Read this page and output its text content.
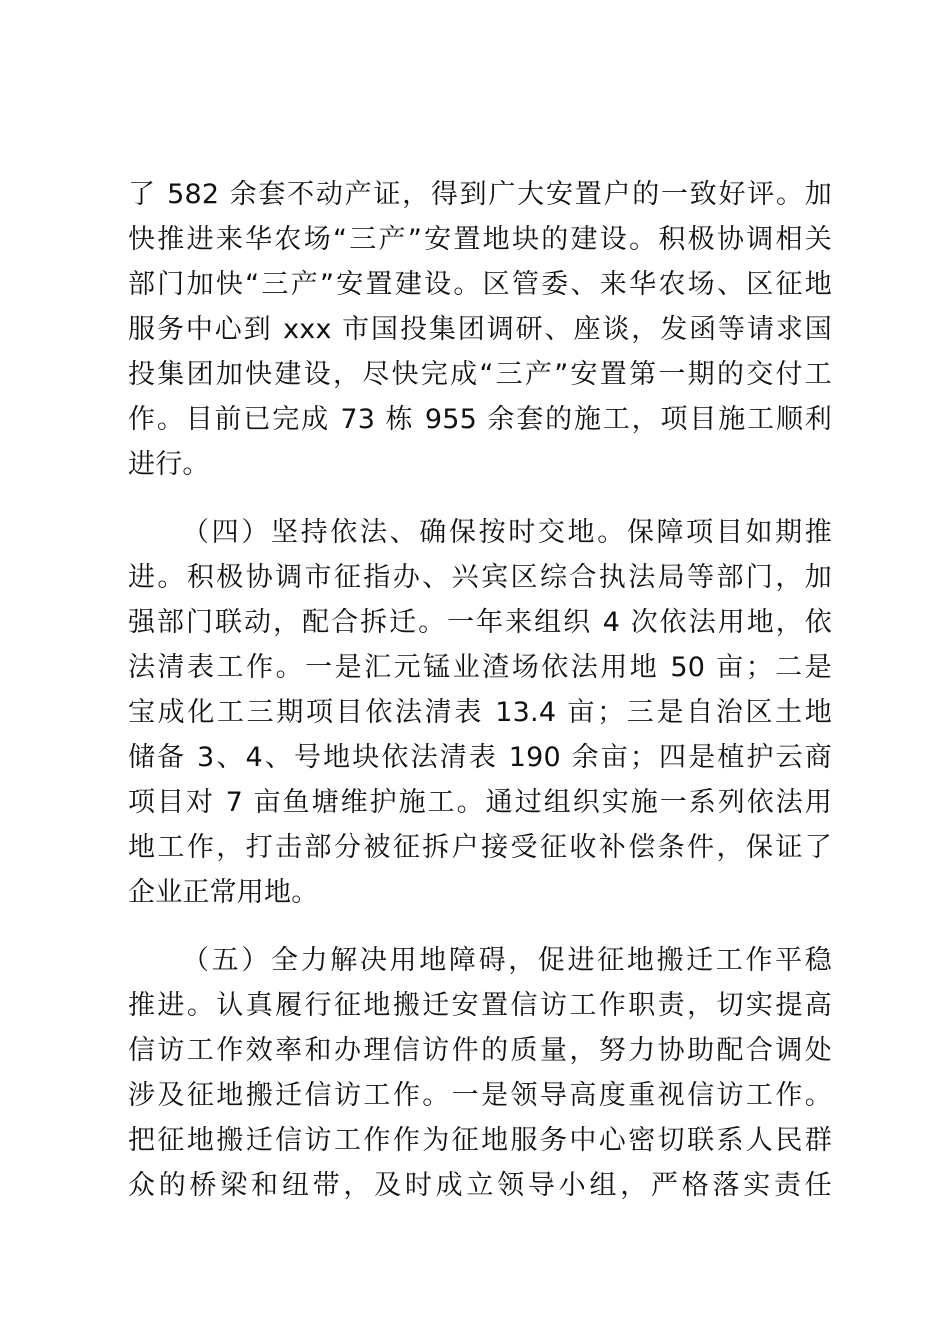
了 582 余套不动产证，得到广大安置户的一致好评。加
快推进来华农场“三产”安置地块的建设。积极协调相关
部门加快“三产”安置建设。区管委、来华农场、区征地
服务中心到 xxx 市国投集团调研、座谈，发函等请求国
投集团加快建设，尽快完成“三产”安置第一期的交付工
作。目前已完成 73 栋 955 余套的施工，项目施工顺利
进行。
（四）坚持依法、确保按时交地。保障项目如期推
进。积极协调市征指办、兴宾区综合执法局等部门，加
强部门联动，配合拆迁。一年来组织 4 次依法用地，依
法清表工作。一是汇元锰业渣场依法用地 50 亩；二是
宝成化工三期项目依法清表 13.4 亩；三是自治区土地
储备 3、4、号地块依法清表 190 余亩；四是植护云商
项目对 7 亩鱼塘维护施工。通过组织实施一系列依法用
地工作，打击部分被征拆户接受征收补偿条件，保证了
企业正常用地。
（五）全力解决用地障碍，促进征地搬迁工作平稳
推进。认真履行征地搬迁安置信访工作职责，切实提高
信访工作效率和办理信访件的质量，努力协助配合调处
涉及征地搬迁信访工作。一是领导高度重视信访工作。
把征地搬迁信访工作作为征地服务中心密切联系人民群
众的桥梁和纽带，及时成立领导小组，严格落实责任
